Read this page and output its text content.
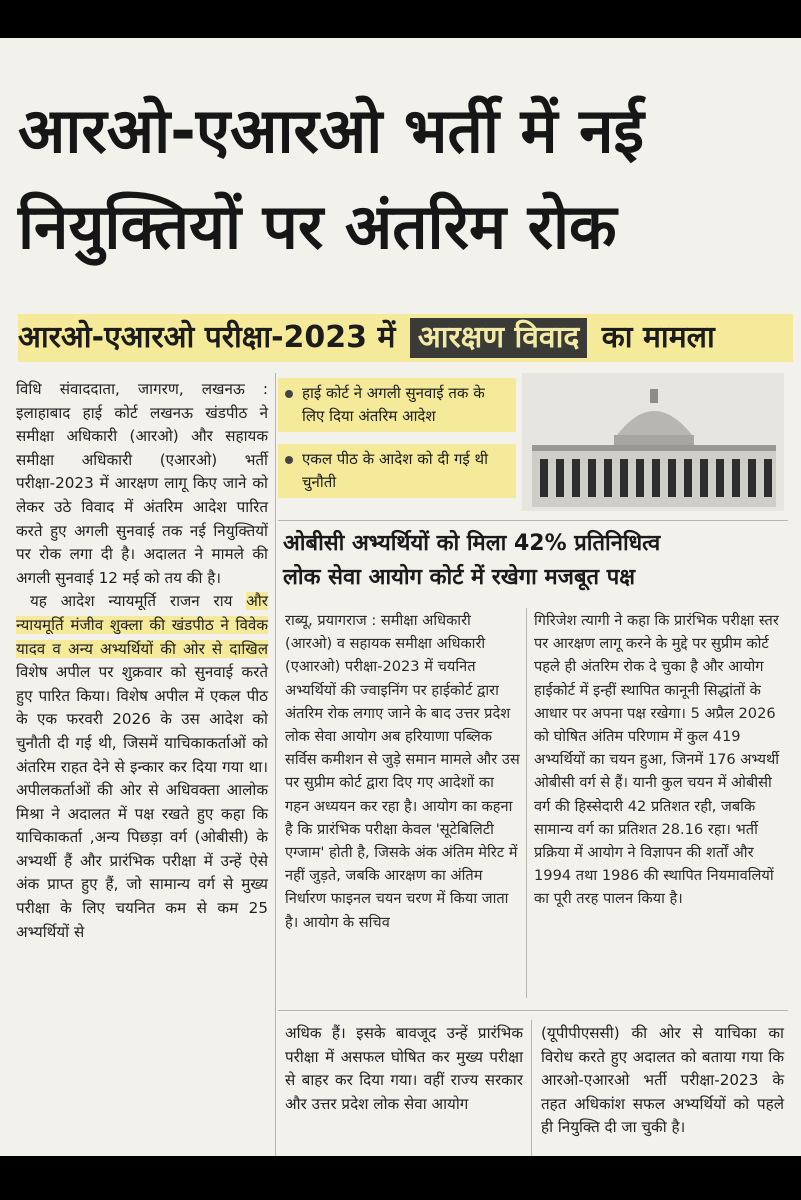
आरओ-एआरओ भर्ती में नई
नियुक्तियों पर अंतरिम रोक
आरओ-एआरओ परीक्षा-2023 में आरक्षण विवाद का मामला

विधि संवाददाता, जागरण, लखनऊ : इलाहाबाद हाई कोर्ट लखनऊ खंडपीठ ने समीक्षा अधिकारी (आरओ) और सहायक समीक्षा अधिकारी (एआरओ) भर्ती परीक्षा-2023 में आरक्षण लागू किए जाने को लेकर उठे विवाद में अंतरिम आदेश पारित करते हुए अगली सुनवाई तक नई नियुक्तियों पर रोक लगा दी है। अदालत ने मामले की अगली सुनवाई 12 मई को तय की है।

यह आदेश न्यायमूर्ति राजन राय और न्यायमूर्ति मंजीव शुक्ला की खंडपीठ ने विवेक यादव व अन्य अभ्यर्थियों की ओर से दाखिल विशेष अपील पर शुक्रवार को सुनवाई करते हुए पारित किया। विशेष अपील में एकल पीठ के एक फरवरी 2026 के उस आदेश को चुनौती दी गई थी, जिसमें याचिकाकर्ताओं को अंतरिम राहत देने से इन्कार कर दिया गया था। अपीलकर्ताओं की ओर से अधिवक्ता आलोक मिश्रा ने अदालत में पक्ष रखते हुए कहा कि याचिकाकर्ता ,अन्य पिछड़ा वर्ग (ओबीसी) के अभ्यर्थी हैं और प्रारंभिक परीक्षा में उन्हें ऐसे अंक प्राप्त हुए हैं, जो सामान्य वर्ग से मुख्य परीक्षा के लिए चयनित कम से कम 25 अभ्यर्थियों से

हाई कोर्ट ने अगली सुनवाई तक के लिए दिया अंतरिम आदेश
एकल पीठ के आदेश को दी गई थी चुनौती
ओबीसी अभ्यर्थियों को मिला 42% प्रतिनिधित्व
लोक सेवा आयोग कोर्ट में रखेगा मजबूत पक्ष
राब्यू, प्रयागराज : समीक्षा अधिकारी (आरओ) व सहायक समीक्षा अधिकारी (एआरओ) परीक्षा-2023 में चयनित अभ्यर्थियों की ज्वाइनिंग पर हाईकोर्ट द्वारा अंतरिम रोक लगाए जाने के बाद उत्तर प्रदेश लोक सेवा आयोग अब हरियाणा पब्लिक सर्विस कमीशन से जुड़े समान मामले और उस पर सुप्रीम कोर्ट द्वारा दिए गए आदेशों का गहन अध्ययन कर रहा है। आयोग का कहना है कि प्रारंभिक परीक्षा केवल 'सूटेबिलिटी एग्जाम' होती है, जिसके अंक अंतिम मेरिट में नहीं जुड़ते, जबकि आरक्षण का अंतिम निर्धारण फाइनल चयन चरण में किया जाता है। आयोग के सचिव
गिरिजेश त्यागी ने कहा कि प्रारंभिक परीक्षा स्तर पर आरक्षण लागू करने के मुद्दे पर सुप्रीम कोर्ट पहले ही अंतरिम रोक दे चुका है और आयोग हाईकोर्ट में इन्हीं स्थापित कानूनी सिद्धांतों के आधार पर अपना पक्ष रखेगा। 5 अप्रैल 2026 को घोषित अंतिम परिणाम में कुल 419 अभ्यर्थियों का चयन हुआ, जिनमें 176 अभ्यर्थी ओबीसी वर्ग से हैं। यानी कुल चयन में ओबीसी वर्ग की हिस्सेदारी 42 प्रतिशत रही, जबकि सामान्य वर्ग का प्रतिशत 28.16 रहा। भर्ती प्रक्रिया में आयोग ने विज्ञापन की शर्तों और 1994 तथा 1986 की स्थापित नियमावलियों का पूरी तरह पालन किया है।
अधिक हैं। इसके बावजूद उन्हें प्रारंभिक परीक्षा में असफल घोषित कर मुख्य परीक्षा से बाहर कर दिया गया। वहीं राज्य सरकार और उत्तर प्रदेश लोक सेवा आयोग
(यूपीपीएससी) की ओर से याचिका का विरोध करते हुए अदालत को बताया गया कि आरओ-एआरओ भर्ती परीक्षा-2023 के तहत अधिकांश सफल अभ्यर्थियों को पहले ही नियुक्ति दी जा चुकी है।
